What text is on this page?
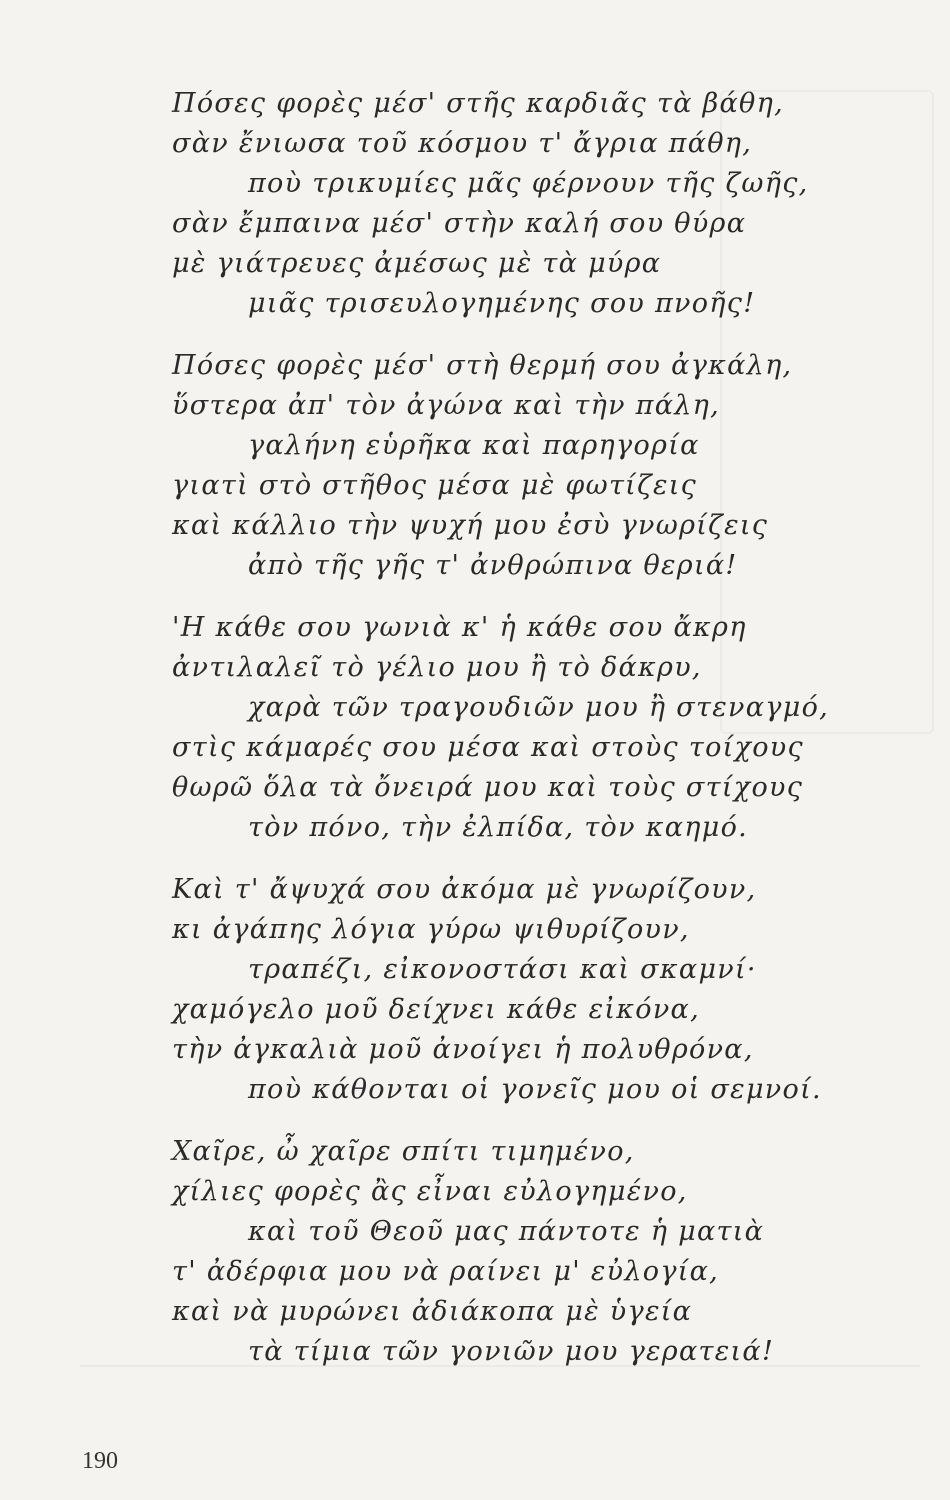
Πόσες φορὲς μέσ' στῆς καρδιᾶς τὰ βάθη,
σὰν ἔνιωσα τοῦ κόσμου τ' ἄγρια πάθη,
ποὺ τρικυμίες μᾶς φέρνουν τῆς ζωῆς,
σὰν ἔμπαινα μέσ' στὴν καλή σου θύρα
μὲ γιάτρευες ἀμέσως μὲ τὰ μύρα
μιᾶς τρισευλογημένης σου πνοῆς!
Πόσες φορὲς μέσ' στὴ θερμή σου ἀγκάλη,
ὕστερα ἀπ' τὸν ἀγώνα καὶ τὴν πάλη,
γαλήνη εὑρῆκα καὶ παρηγορία
γιατὶ στὸ στῆθος μέσα μὲ φωτίζεις
καὶ κάλλιο τὴν ψυχή μου ἐσὺ γνωρίζεις
ἀπὸ τῆς γῆς τ' ἀνθρώπινα θεριά!
'Η κάθε σου γωνιὰ κ' ἡ κάθε σου ἄκρη
ἀντιλαλεῖ τὸ γέλιο μου ἢ τὸ δάκρυ,
χαρὰ τῶν τραγουδιῶν μου ἢ στεναγμό,
στὶς κάμαρές σου μέσα καὶ στοὺς τοίχους
θωρῶ ὅλα τὰ ὄνειρά μου καὶ τοὺς στίχους
τὸν πόνο, τὴν ἐλπίδα, τὸν καημό.
Καὶ τ' ἄψυχά σου ἀκόμα μὲ γνωρίζουν,
κι ἀγάπης λόγια γύρω ψιθυρίζουν,
τραπέζι, εἰκονοστάσι καὶ σκαμνί·
χαμόγελο μοῦ δείχνει κάθε εἰκόνα,
τὴν ἀγκαλιὰ μοῦ ἀνοίγει ἡ πολυθρόνα,
ποὺ κάθονται οἱ γονεῖς μου οἱ σεμνοί.
Χαῖρε, ὦ χαῖρε σπίτι τιμημένο,
χίλιες φορὲς ἂς εἶναι εὐλογημένο,
καὶ τοῦ Θεοῦ μας πάντοτε ἡ ματιὰ
τ' ἀδέρφια μου νὰ ραίνει μ' εὐλογία,
καὶ νὰ μυρώνει ἀδιάκοπα μὲ ὑγεία
τὰ τίμια τῶν γονιῶν μου γερατειά!
190
